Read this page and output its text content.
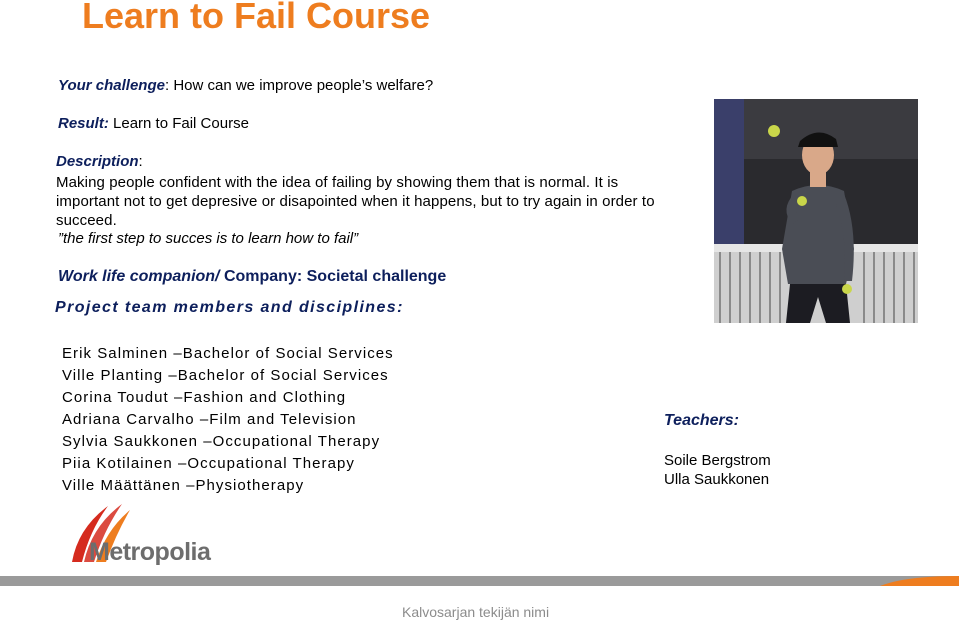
Learn to Fail Course
Your challenge: How can we improve people’s welfare?
Result: Learn to Fail Course
Description:
Making people confident with the idea of failing by showing them that is normal. It is important not to get depresive or disapointed when it happens, but to try again in order to succeed.
”the first step to succes is to learn how to fail”
Work life companion/ Company: Societal challenge
Project team members and disciplines:
Erik Salminen –Bachelor of Social Services
Ville Planting –Bachelor of Social Services
Corina Toudut –Fashion and Clothing
Adriana Carvalho –Film and Television
Sylvia Saukkonen –Occupational Therapy
Piia Kotilainen –Occupational Therapy
Ville Määttänen –Physiotherapy
Teachers:
Soile Bergstrom
Ulla Saukkonen
Metropolia
Kalvosarjan tekijän nimi
